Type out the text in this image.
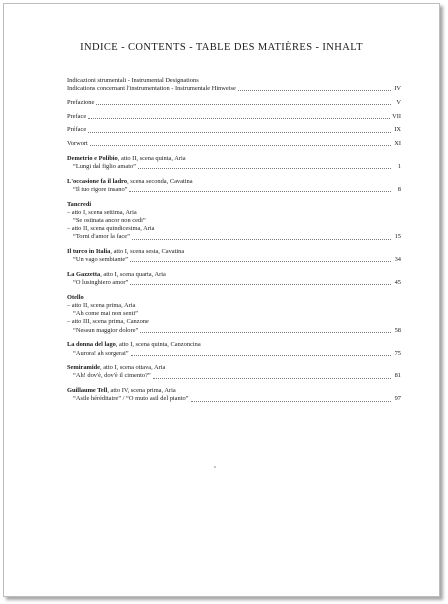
INDICE - CONTENTS - TABLE DES MATIÈRES - INHALT
Indicazioni strumentali - Instrumental Designations
Indications concernant l'instrumentation - Instrumentale Hinweise	IV
Prefazione	V
Preface	VII
Préface	IX
Vorwort	XI
Demetrio e Polibio, atto II, scena quinta, Aria
“Lungi dal figlio amato”	1
L'occasione fa il ladro, scena seconda, Cavatina
“Il tuo rigore insano”	8
Tancredi
– atto I, scena settima, Aria
“Se ostinata ancor non cedi”
– atto II, scena quindicesima, Aria
“Torni d'amor la face”	15
Il turco in Italia, atto I, scena sesta, Cavatina
“Un vago sembiante”	34
La Gazzetta, atto I, scena quarta, Aria
“O lusinghiero amor”	45
Otello
– atto II, scena prima, Aria
“Ah come mai non senti”
– atto III, scena prima, Canzone
“Nessun maggior dolore”	58
La donna del lago, atto I, scena quinta, Canzoncina
“Aurora! ah sorgerai”	75
Semiramide, atto I, scena ottava, Aria
“Ah! dov'è, dov'è il cimento?”	81
Guillaume Tell, atto IV, scena prima, Aria
“Asile héréditaire” / “O muto asil del pianto”	97
